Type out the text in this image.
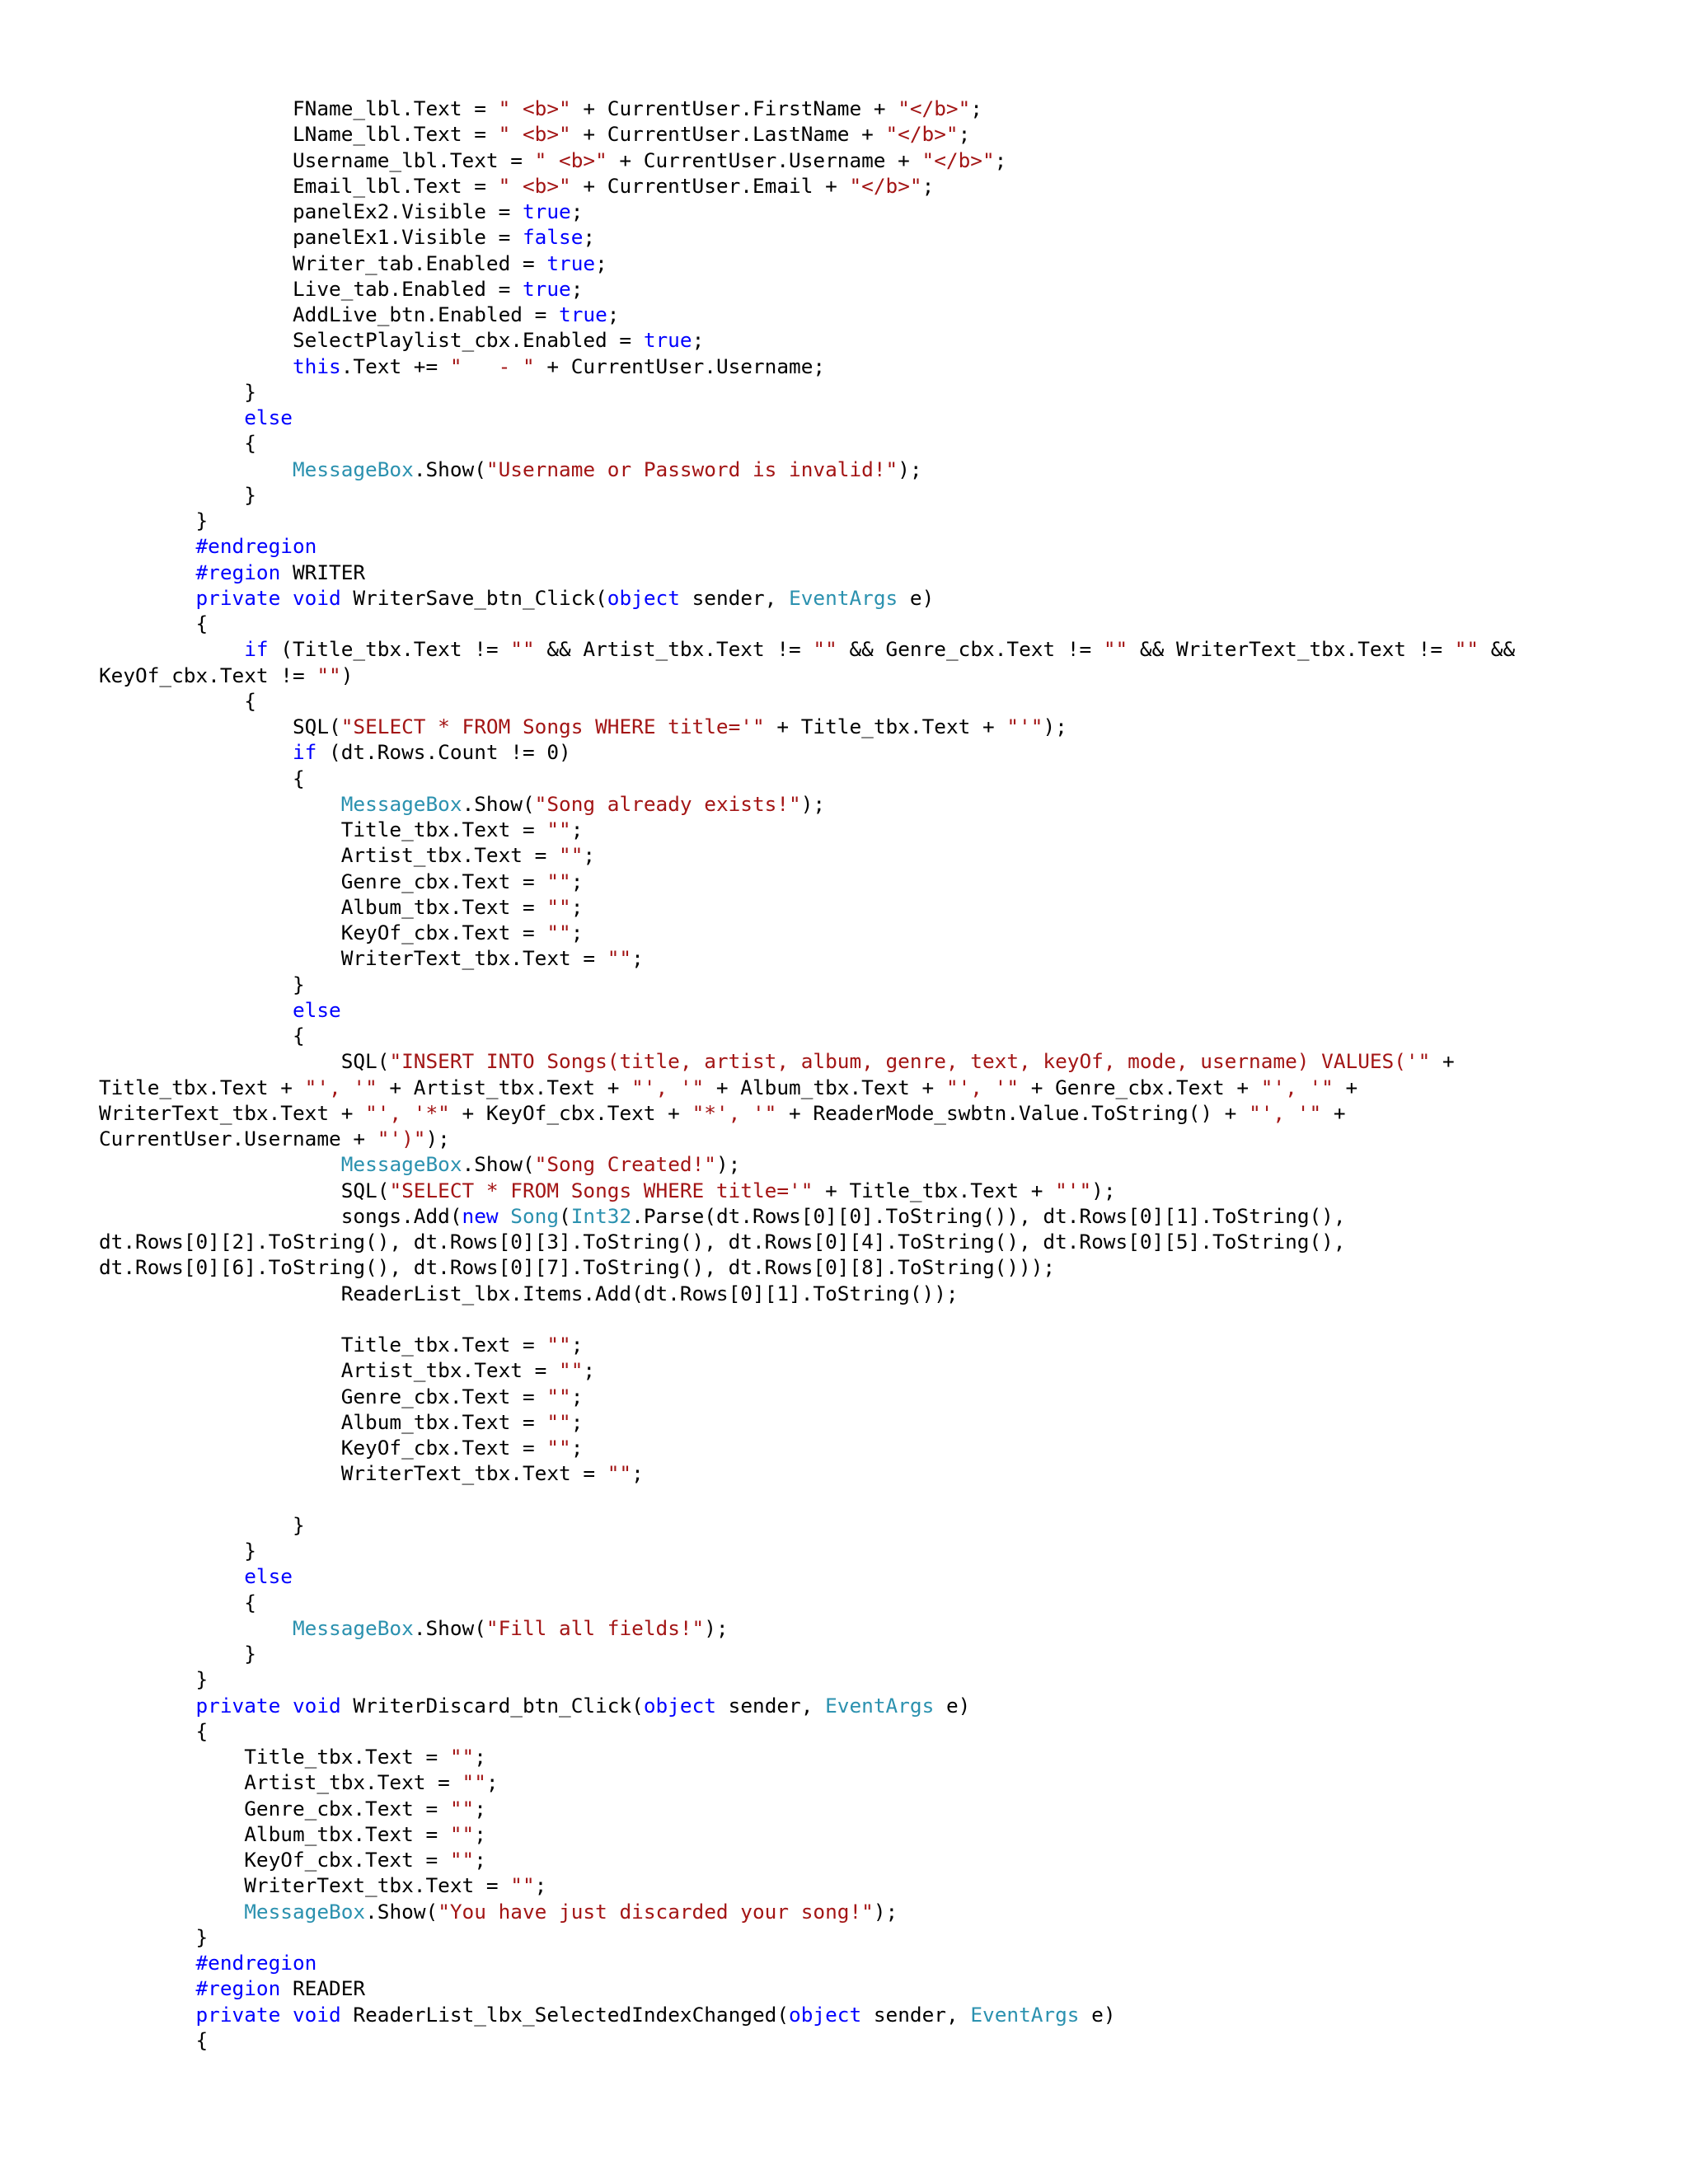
FName_lbl.Text = " <b>" + CurrentUser.FirstName + "</b>";
LName_lbl.Text = " <b>" + CurrentUser.LastName + "</b>";
Username_lbl.Text = " <b>" + CurrentUser.Username + "</b>";
Email_lbl.Text = " <b>" + CurrentUser.Email + "</b>";
panelEx2.Visible = true;
panelEx1.Visible = false;
Writer_tab.Enabled = true;
Live_tab.Enabled = true;
AddLive_btn.Enabled = true;
SelectPlaylist_cbx.Enabled = true;
this.Text += "   - " + CurrentUser.Username;
}
else
{
MessageBox.Show("Username or Password is invalid!");
}
}
#endregion
#region WRITER
private void WriterSave_btn_Click(object sender, EventArgs e)
{
if (Title_tbx.Text != "" && Artist_tbx.Text != "" && Genre_cbx.Text != "" && WriterText_tbx.Text != "" &&
KeyOf_cbx.Text != "")
{
SQL("SELECT * FROM Songs WHERE title='" + Title_tbx.Text + "'");
if (dt.Rows.Count != 0)
{
MessageBox.Show("Song already exists!");
Title_tbx.Text = "";
Artist_tbx.Text = "";
Genre_cbx.Text = "";
Album_tbx.Text = "";
KeyOf_cbx.Text = "";
WriterText_tbx.Text = "";
}
else
{
SQL("INSERT INTO Songs(title, artist, album, genre, text, keyOf, mode, username) VALUES('" +
Title_tbx.Text + "', '" + Artist_tbx.Text + "', '" + Album_tbx.Text + "', '" + Genre_cbx.Text + "', '" +
WriterText_tbx.Text + "', '*" + KeyOf_cbx.Text + "*', '" + ReaderMode_swbtn.Value.ToString() + "', '" +
CurrentUser.Username + "')");
MessageBox.Show("Song Created!");
SQL("SELECT * FROM Songs WHERE title='" + Title_tbx.Text + "'");
songs.Add(new Song(Int32.Parse(dt.Rows[0][0].ToString()), dt.Rows[0][1].ToString(),
dt.Rows[0][2].ToString(), dt.Rows[0][3].ToString(), dt.Rows[0][4].ToString(), dt.Rows[0][5].ToString(),
dt.Rows[0][6].ToString(), dt.Rows[0][7].ToString(), dt.Rows[0][8].ToString()));
ReaderList_lbx.Items.Add(dt.Rows[0][1].ToString());
Title_tbx.Text = "";
Artist_tbx.Text = "";
Genre_cbx.Text = "";
Album_tbx.Text = "";
KeyOf_cbx.Text = "";
WriterText_tbx.Text = "";
}
}
else
{
MessageBox.Show("Fill all fields!");
}
}
private void WriterDiscard_btn_Click(object sender, EventArgs e)
{
Title_tbx.Text = "";
Artist_tbx.Text = "";
Genre_cbx.Text = "";
Album_tbx.Text = "";
KeyOf_cbx.Text = "";
WriterText_tbx.Text = "";
MessageBox.Show("You have just discarded your song!");
}
#endregion
#region READER
private void ReaderList_lbx_SelectedIndexChanged(object sender, EventArgs e)
{
